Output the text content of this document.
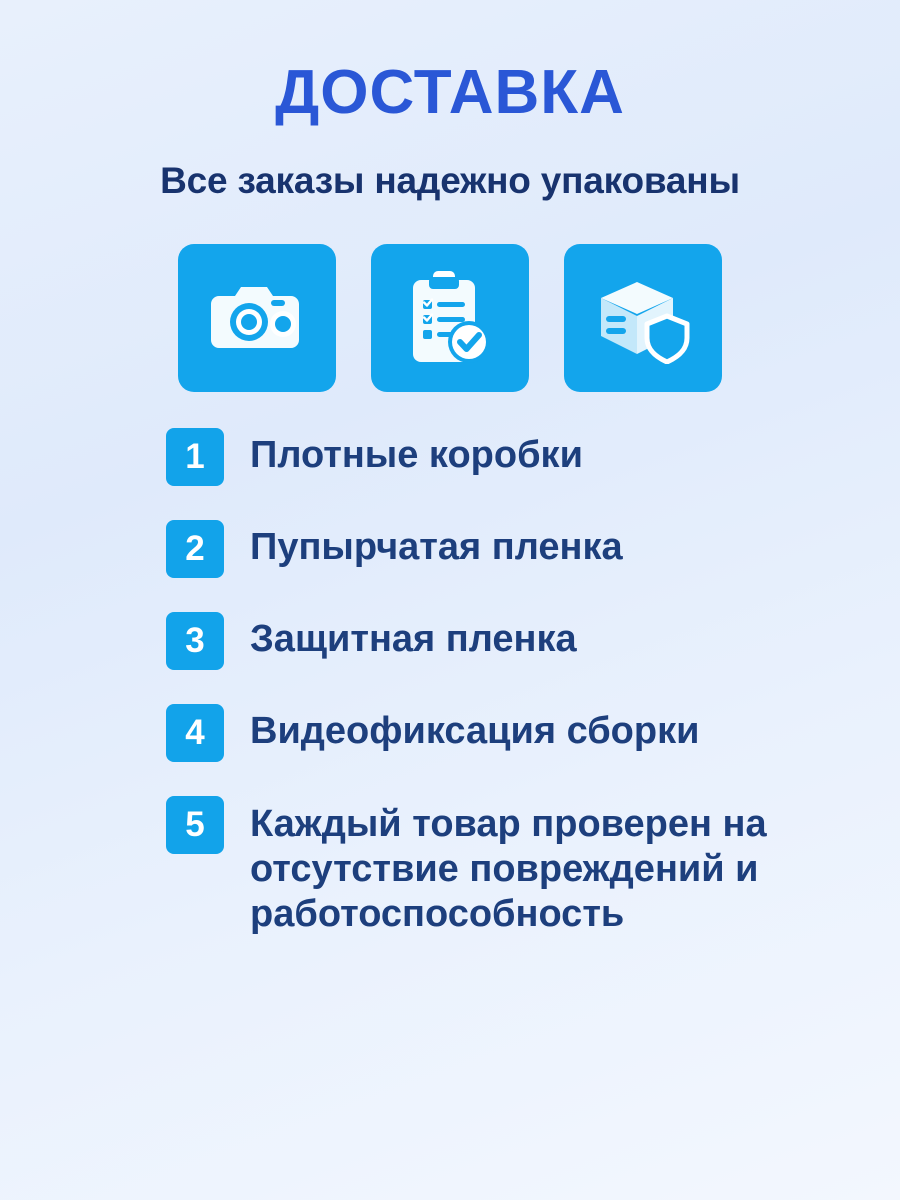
ДОСТАВКА
Все заказы надежно упакованы
1	Плотные коробки
2	Пупырчатая пленка
3	Защитная пленка
4	Видеофиксация сборки
5	Каждый товар проверен на отсутствие повреждений и работоспособность
